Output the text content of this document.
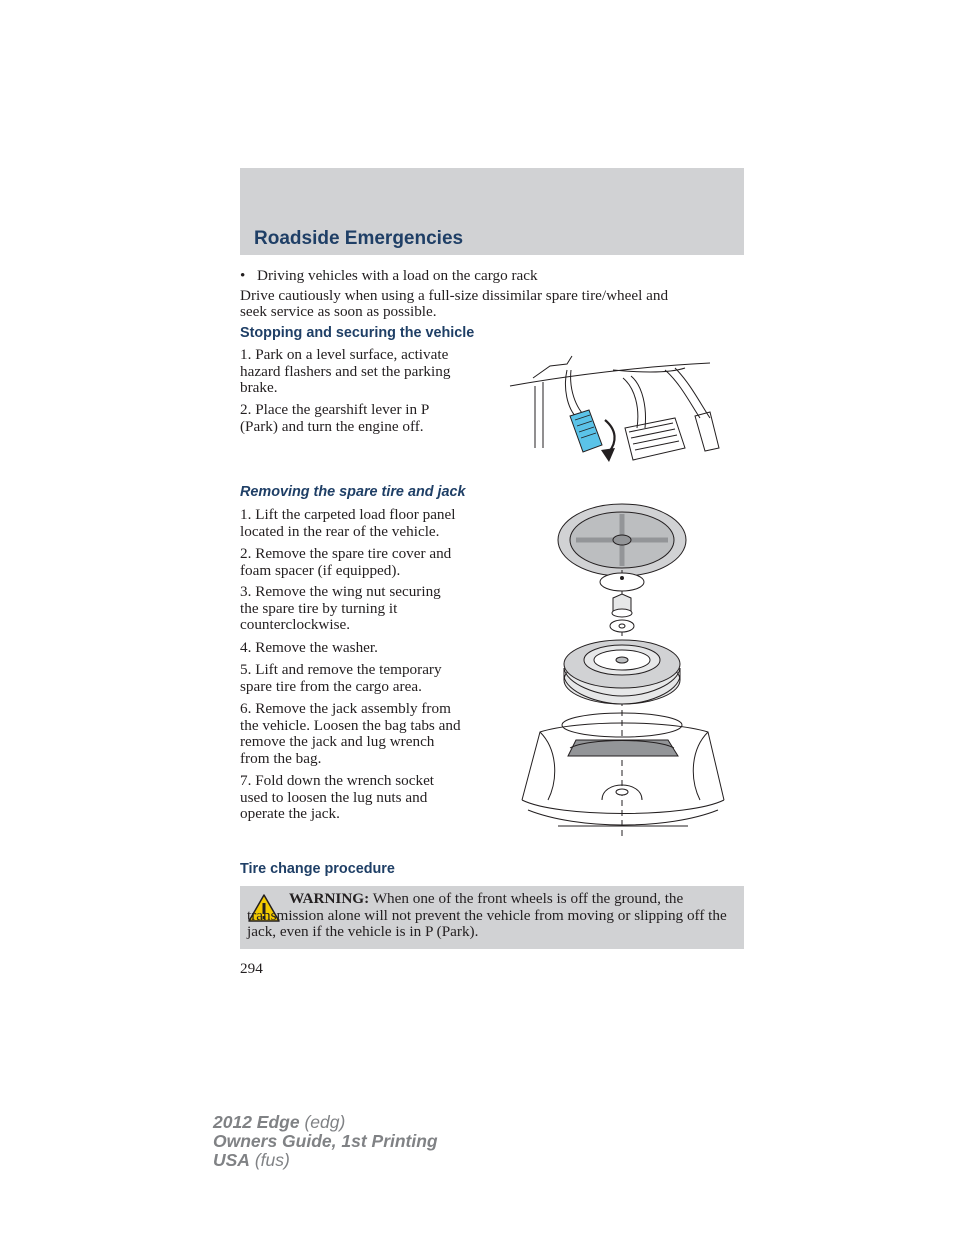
Roadside Emergencies
• Driving vehicles with a load on the cargo rack
Drive cautiously when using a full-size dissimilar spare tire/wheel and
seek service as soon as possible.
Stopping and securing the vehicle
1. Park on a level surface, activate
hazard flashers and set the parking
brake.
2. Place the gearshift lever in P
(Park) and turn the engine off.
Removing the spare tire and jack
1. Lift the carpeted load floor panel
located in the rear of the vehicle.
2. Remove the spare tire cover and
foam spacer (if equipped).
3. Remove the wing nut securing
the spare tire by turning it
counterclockwise.
4. Remove the washer.
5. Lift and remove the temporary
spare tire from the cargo area.
6. Remove the jack assembly from
the vehicle. Loosen the bag tabs and
remove the jack and lug wrench
from the bag.
7. Fold down the wrench socket
used to loosen the lug nuts and
operate the jack.
Tire change procedure
WARNING: When one of the front wheels is off the ground, the transmission alone will not prevent the vehicle from moving or slipping off the jack, even if the vehicle is in P (Park).
294
2012 Edge (edg)
Owners Guide, 1st Printing
USA (fus)
